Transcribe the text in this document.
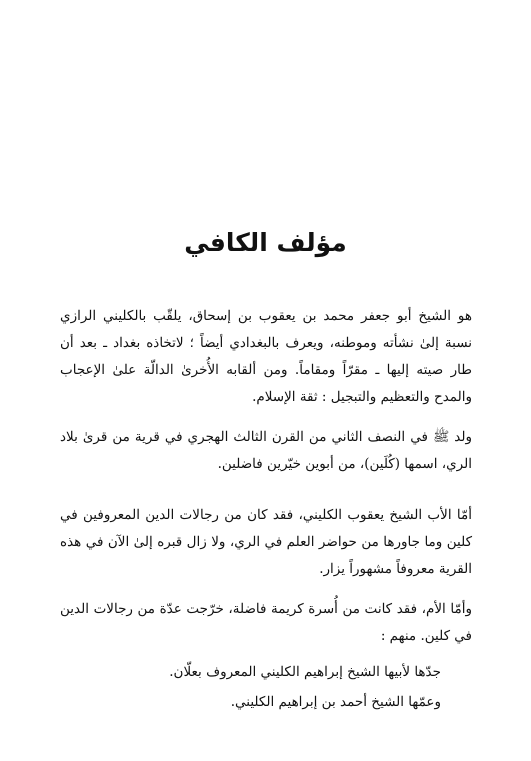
مؤلف الكافي

هو الشيخ أبو جعفر محمد بن يعقوب بن إسحاق، يلقّب بالكليني الرازي نسبة إلىٰ نشأته وموطنه، ويعرف بالبغدادي أيضاً ؛ لاتخاذه بغداد ـ بعد أن طار صيته إليها ـ مقرّاً ومقاماً. ومن ألقابه الأُخرىٰ الدالّة علىٰ الإعجاب والمدح والتعظيم والتبجيل : ثقة الإسلام.

ولد ﷺ في النصف الثاني من القرن الثالث الهجري في قرية من قرىٰ بلاد الري، اسمها (كُلَين)، من أبوين خيّرين فاضلين.

أمّا الأب الشيخ يعقوب الكليني، فقد كان من رجالات الدين المعروفين في كلين وما جاورها من حواضر العلم في الري، ولا زال قبره إلىٰ الآن في هذه القرية معروفاً مشهوراً يزار.

وأمّا الأم، فقد كانت من أُسرة كريمة فاضلة، خرّجت عدّة من رجالات الدين في كلين. منهم :

جدّها لأبيها الشيخ إبراهيم الكليني المعروف بعلّان.
وعمّها الشيخ أحمد بن إبراهيم الكليني.
